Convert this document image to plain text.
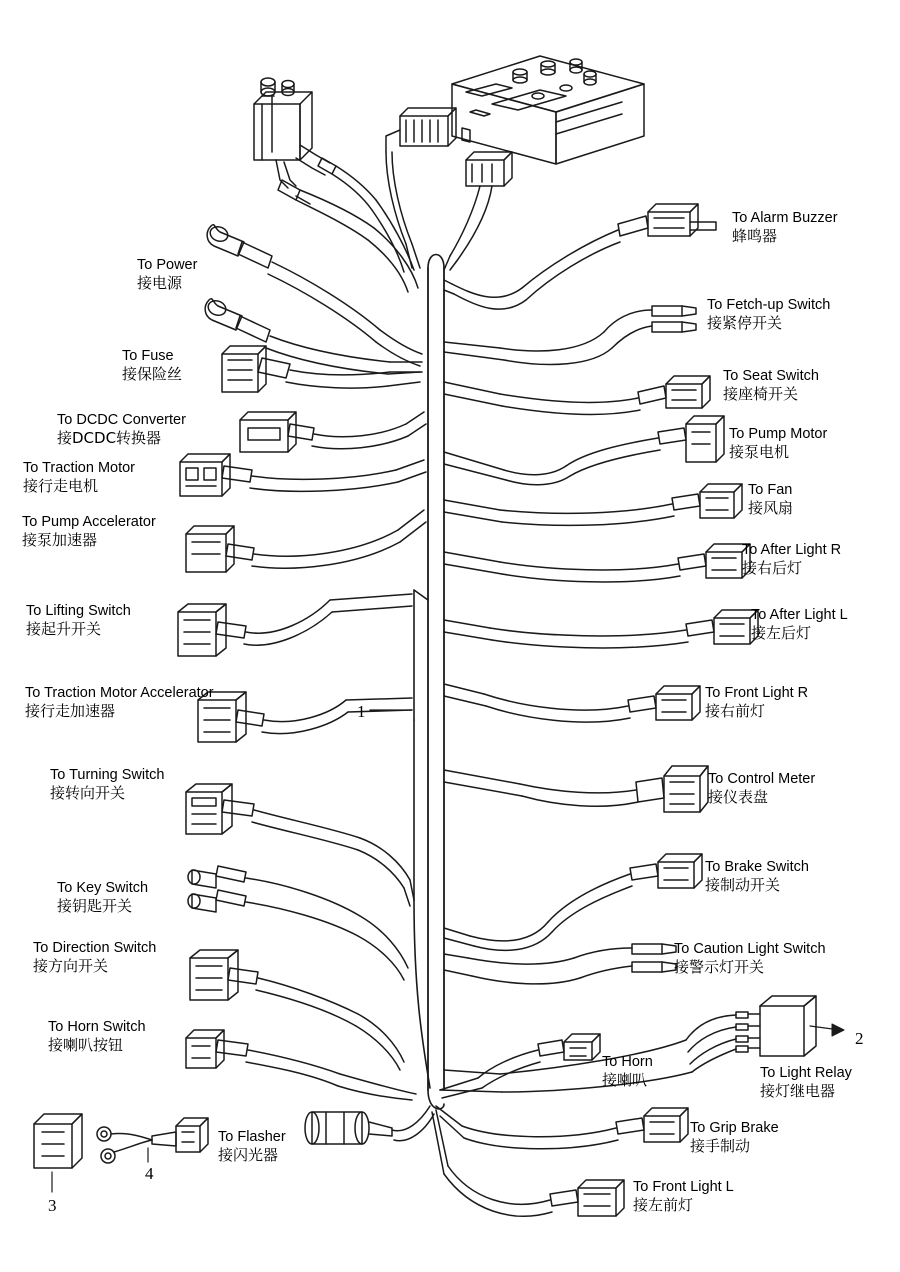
To Power
接电源
To Fuse
接保险丝
To DCDC Converter
接DCDC转换器
To Traction Motor
接行走电机
To Pump Accelerator
接泵加速器
To Lifting Switch
接起升开关
To Traction Motor Accelerator
接行走加速器
To Turning Switch
接转向开关
To Key Switch
接钥匙开关
To Direction Switch
接方向开关
To Horn Switch
接喇叭按钮
To Flasher
接闪光器
To Horn
接喇叭
To Alarm Buzzer
蜂鸣器
To Fetch-up Switch
接紧停开关
To Seat Switch
接座椅开关
To Pump Motor
接泵电机
To Fan
接风扇
To After Light R
接右后灯
To After Light L
接左后灯
To Front Light R
接右前灯
To Control Meter
接仪表盘
To Brake Switch
接制动开关
To Caution Light Switch
接警示灯开关
To Light Relay
接灯继电器
To Grip Brake
接手制动
To Front Light L
接左前灯
1
2
3
4
